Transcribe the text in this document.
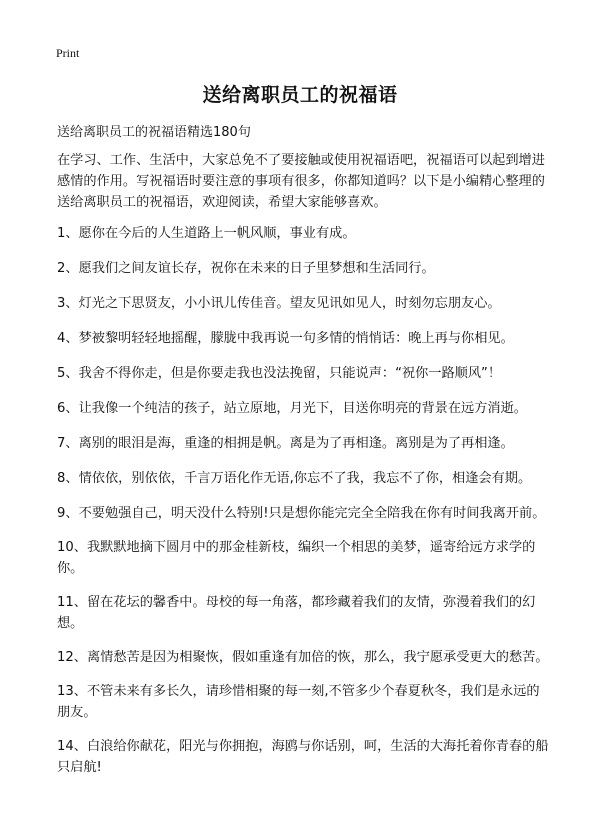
Print
送给离职员工的祝福语
送给离职员工的祝福语精选180句

在学习、工作、生活中，大家总免不了要接触或使用祝福语吧，祝福语可以起到增进感情的作用。写祝福语时要注意的事项有很多，你都知道吗？以下是小编精心整理的送给离职员工的祝福语，欢迎阅读，希望大家能够喜欢。

1、愿你在今后的人生道路上一帆风顺，事业有成。

2、愿我们之间友谊长存，祝你在未来的日子里梦想和生活同行。

3、灯光之下思贤友，小小讯儿传佳音。望友见讯如见人，时刻勿忘朋友心。

4、梦被黎明轻轻地摇醒，朦胧中我再说一句多情的悄悄话：晚上再与你相见。

5、我舍不得你走，但是你要走我也没法挽留，只能说声：“祝你一路顺风”！

6、让我像一个纯洁的孩子，站立原地，月光下，目送你明亮的背景在远方消逝。

7、离别的眼泪是海，重逢的相拥是帆。离是为了再相逢。离别是为了再相逢。

8、情依依，别依依，千言万语化作无语,你忘不了我，我忘不了你，相逢会有期。

9、不要勉强自己，明天没什么特别!只是想你能完完全全陪我在你有时间我离开前。

10、我默默地摘下圆月中的那金桂新枝，编织一个相思的美梦，遥寄给远方求学的你。

11、留在花坛的馨香中。母校的每一角落，都珍藏着我们的友情，弥漫着我们的幻想。

12、离情愁苦是因为相聚恢，假如重逢有加倍的恢，那么，我宁愿承受更大的愁苦。

13、不管未来有多长久，请珍惜相聚的每一刻,不管多少个春夏秋冬，我们是永远的朋友。

14、白浪给你献花，阳光与你拥抱，海鸥与你话别，呵，生活的大海托着你青春的船只启航!
